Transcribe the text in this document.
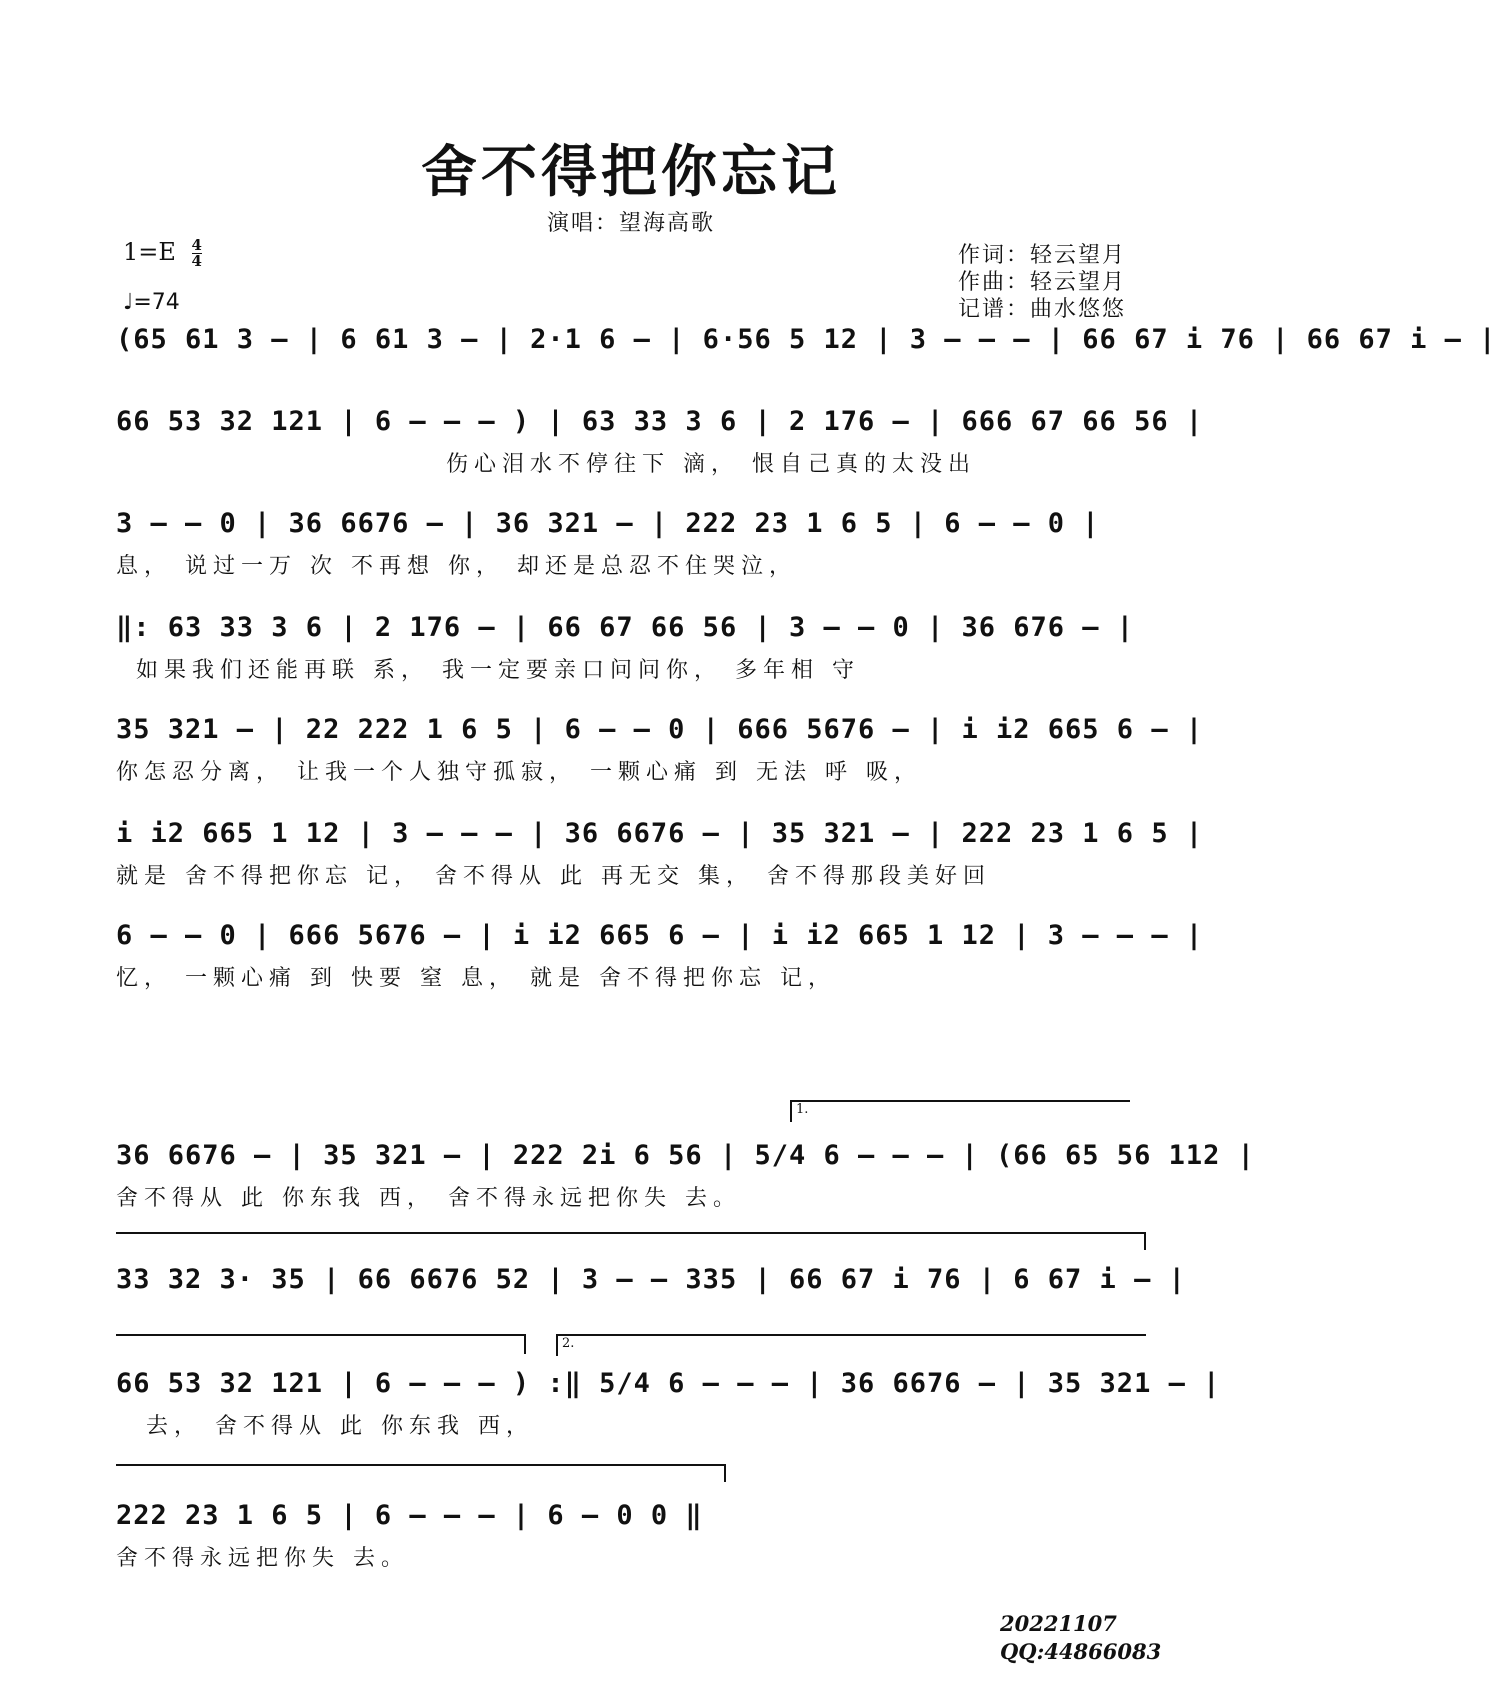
舍不得把你忘记
演唱：望海高歌
$1=E \frac{4}{4}$
♩=74
作词：轻云望月
作曲：轻云望月
记谱：曲水悠悠
(65 61 3 – | 6 61 3 – | 2·1 6 – | 6·56 5 12 | 3 – – – | 66 67 i 76 | 66 67 i – |
66 53 32 121 | 6 – – – ) | 63 33 3 6 | 2 176 – | 666 67 66 56 |
伤心泪水不停往下 滴， 恨自己真的太没出
3 – – 0 | 36 6676 – | 36 321 – | 222 23 1 6 5 | 6 – – 0 |
息， 说过一万 次 不再想 你， 却还是总忍不住哭泣，
‖: 63 33 3 6 | 2 176 – | 66 67 66 56 | 3 – – 0 | 36 676 – |
如果我们还能再联 系， 我一定要亲口问问你， 多年相 守
35 321 – | 22 222 1 6 5 | 6 – – 0 | 666 5676 – | i i2 665 6 – |
你怎忍分离， 让我一个人独守孤寂， 一颗心痛 到 无法 呼 吸，
i i2 665 1 12 | 3 – – – | 36 6676 – | 35 321 – | 222 23 1 6 5 |
就是 舍不得把你忘 记， 舍不得从 此 再无交 集， 舍不得那段美好回
6 – – 0 | 666 5676 – | i i2 665 6 – | i i2 665 1 12 | 3 – – – |
忆， 一颗心痛 到 快要 窒 息， 就是 舍不得把你忘 记，
1.
36 6676 – | 35 321 – | 222 2i 6 56 | 5/4 6 – – – | (66 65 56 112 |
舍不得从 此 你东我 西， 舍不得永远把你失 去。
33 32 3· 35 | 66 6676 52 | 3 – – 335 | 66 67 i 76 | 6 67 i – |
2.
66 53 32 121 | 6 – – – ) :‖ 5/4 6 – – – | 36 6676 – | 35 321 – |
去， 舍不得从 此 你东我 西，
222 23 1 6 5 | 6 – – – | 6 – 0 0 ‖
舍不得永远把你失 去。
20221107
QQ:44866083
